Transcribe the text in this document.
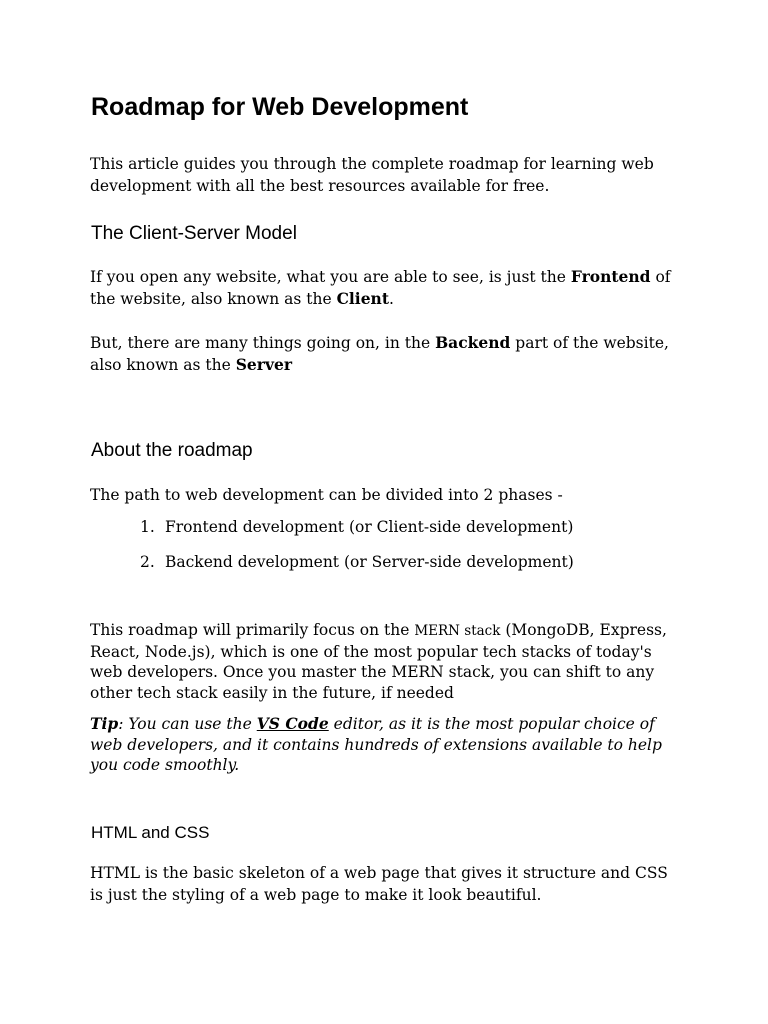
Roadmap for Web Development

This article guides you through the complete roadmap for learning web development with all the best resources available for free.

The Client-Server Model

If you open any website, what you are able to see, is just the Frontend of the website, also known as the Client.

But, there are many things going on, in the Backend part of the website, also known as the Server

About the roadmap

The path to web development can be divided into 2 phases -

1. Frontend development (or Client-side development)
2. Backend development (or Server-side development)

This roadmap will primarily focus on the MERN stack (MongoDB, Express, React, Node.js), which is one of the most popular tech stacks of today's web developers. Once you master the MERN stack, you can shift to any other tech stack easily in the future, if needed

Tip: You can use the VS Code editor, as it is the most popular choice of web developers, and it contains hundreds of extensions available to help you code smoothly.

HTML and CSS

HTML is the basic skeleton of a web page that gives it structure and CSS is just the styling of a web page to make it look beautiful.
